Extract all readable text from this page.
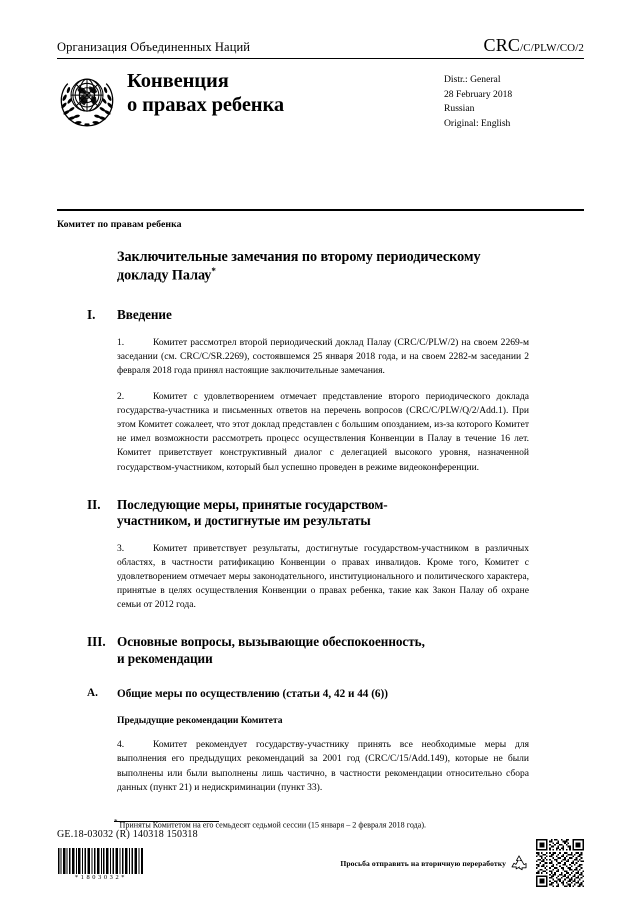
Организация Объединенных Наций	CRC/C/PLW/CO/2
Конвенция
о правах ребенка
Distr.: General
28 February 2018
Russian
Original: English
Комитет по правам ребенка
Заключительные замечания по второму периодическому докладу Палау*
I.	Введение
1.	Комитет рассмотрел второй периодический доклад Палау (CRC/C/PLW/2) на своем 2269-м заседании (см. CRC/C/SR.2269), состоявшемся 25 января 2018 года, и на своем 2282-м заседании 2 февраля 2018 года принял настоящие заключительные замечания.
2.	Комитет с удовлетворением отмечает представление второго периодического доклада государства-участника и письменных ответов на перечень вопросов (CRC/C/PLW/Q/2/Add.1). При этом Комитет сожалеет, что этот доклад представлен с большим опозданием, из-за которого Комитет не имел возможности рассмотреть процесс осуществления Конвенции в Палау в течение 16 лет. Комитет приветствует конструктивный диалог с делегацией высокого уровня, назначенной государством-участником, который был успешно проведен в режиме видеоконференции.
II.	Последующие меры, принятые государством-
участником, и достигнутые им результаты
3.	Комитет приветствует результаты, достигнутые государством-участником в различных областях, в частности ратификацию Конвенции о правах инвалидов. Кроме того, Комитет с удовлетворением отмечает меры законодательного, институционального и политического характера, принятые в целях осуществления Конвенции о правах ребенка, такие как Закон Палау об охране семьи от 2012 года.
III. Основные вопросы, вызывающие обеспокоенность,
и рекомендации
A.	Общие меры по осуществлению (статьи 4, 42 и 44 (6))
Предыдущие рекомендации Комитета
4.	Комитет рекомендует государству-участнику принять все необходимые меры для выполнения его предыдущих рекомендаций за 2001 год (CRC/C/15/Add.149), которые не были выполнены или были выполнены лишь частично, в частности рекомендации относительно сбора данных (пункт 21) и недискриминации (пункт 33).
* Приняты Комитетом на его семьдесят седьмой сессии (15 января – 2 февраля 2018 года).
GE.18-03032 (R) 140318 150318
*1803032*
Просьба отправить на вторичную переработку
